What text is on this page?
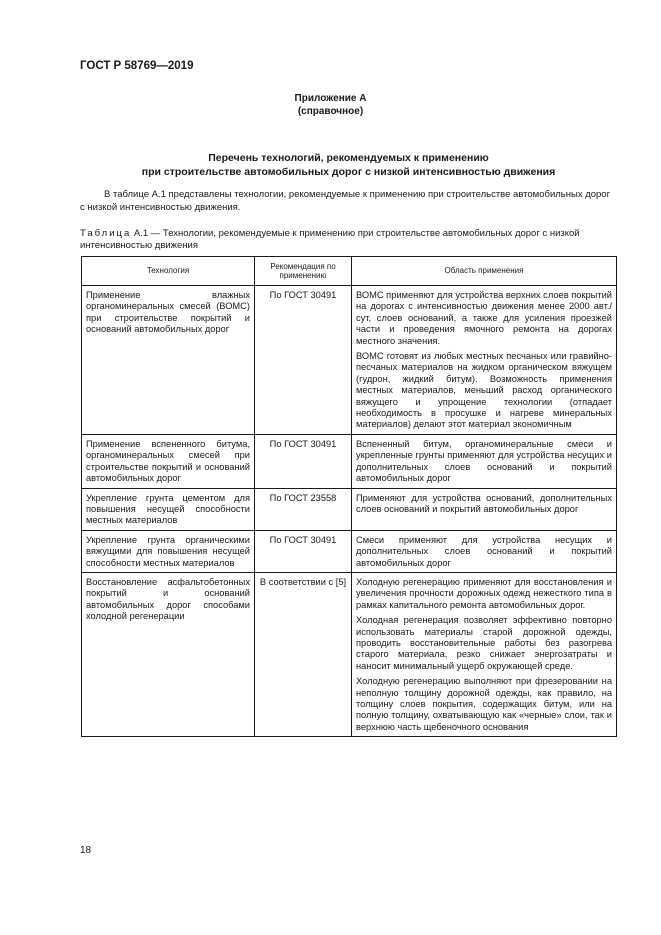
ГОСТ Р 58769—2019
Приложение А
(справочное)
Перечень технологий, рекомендуемых к применению
при строительстве автомобильных дорог с низкой интенсивностью движения

В таблице А.1 представлены технологии, рекомендуемые к применению при строительстве автомобильных дорог с низкой интенсивностью движения.

Таблица А.1 — Технологии, рекомендуемые к применению при строительстве автомобильных дорог с низкой интенсивностью движения

Технология	Рекомендация по применению	Область применения
Применение влажных органоминеральных смесей (ВОМС) при строительстве покрытий и оснований автомобильных дорог	По ГОСТ 30491	ВОМС применяют для устройства верхних слоев покрытий на дорогах с интенсивностью движения менее 2000 авт./сут, слоев оснований, а также для усиления проезжей части и проведения ямочного ремонта на дорогах местного значения.

ВОМС готовят из любых местных песчаных или гравийно-песчаных материалов на жидком органическом вяжущем (гудрон, жидкий битум). Возможность применения местных материалов, меньший расход органического вяжущего и упрощение технологии (отпадает необходимость в просушке и нагреве минеральных материалов) делают этот материал экономичным

Применение вспененного битума, органоминеральных смесей при строительстве покрытий и оснований автомобильных дорог	По ГОСТ 30491	Вспененный битум, органоминеральные смеси и укрепленные грунты применяют для устройства несущих и дополнительных слоев оснований и покрытий автомобильных дорог

Укрепление грунта цементом для повышения несущей способности местных материалов	По ГОСТ 23558	Применяют для устройства оснований, дополнительных слоев оснований и покрытий автомобильных дорог

Укрепление грунта органическими вяжущими для повышения несущей способности местных материалов	По ГОСТ 30491	Смеси применяют для устройства несущих и дополнительных слоев оснований и покрытий автомобильных дорог

Восстановление асфальтобетонных покрытий и оснований автомобильных дорог способами холодной регенерации	В соответствии с [5]	Холодную регенерацию применяют для восстановления и увеличения прочности дорожных одежд нежесткого типа в рамках капитального ремонта автомобильных дорог.

Холодная регенерация позволяет эффективно повторно использовать материалы старой дорожной одежды, проводить восстановительные работы без разогрева старого материала, резко снижает энергозатраты и наносит минимальный ущерб окружающей среде.

Холодную регенерацию выполняют при фрезеровании на неполную толщину дорожной одежды, как правило, на толщину слоев покрытия, содержащих битум, или на полную толщину, охватывающую как «черные» слои, так и верхнюю часть щебеночного основания

18
